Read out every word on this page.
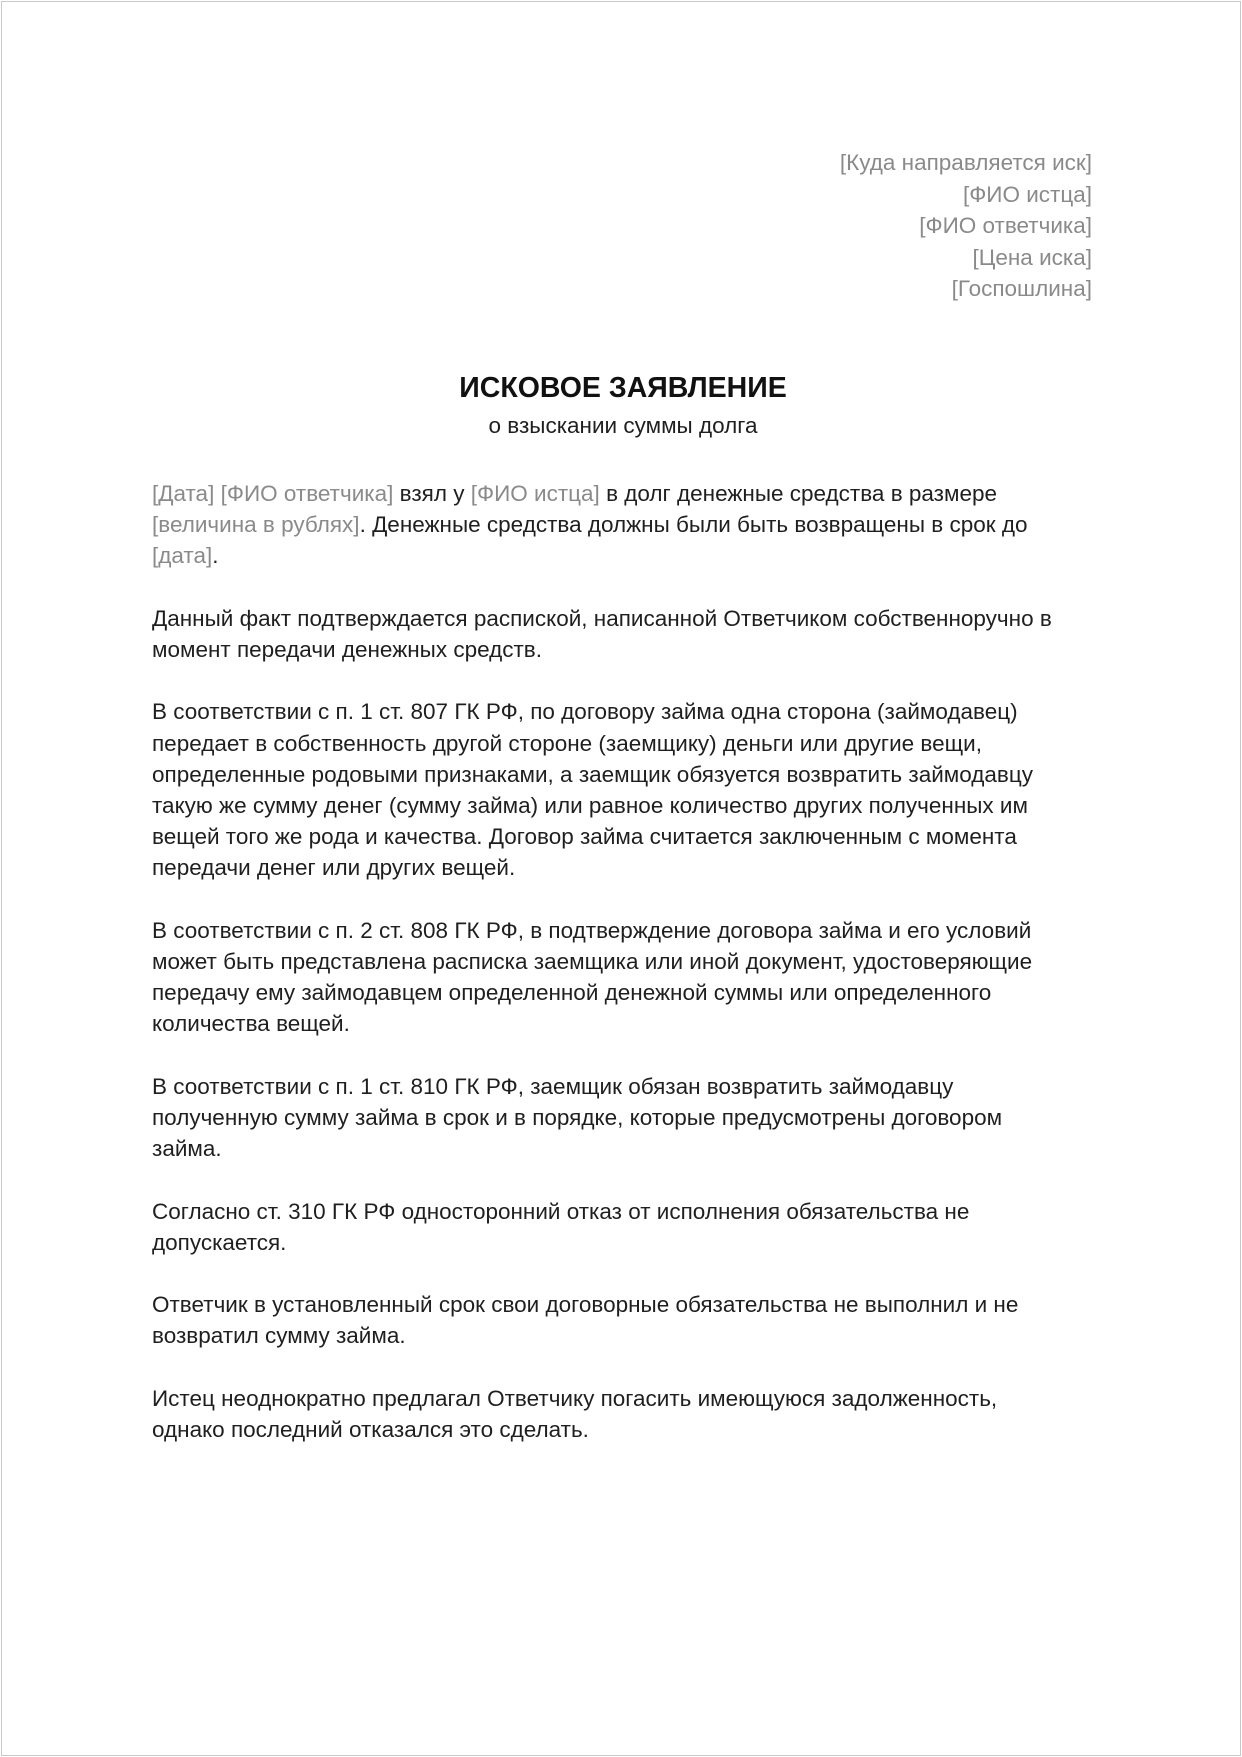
[Куда направляется иск]
[ФИО истца]
[ФИО ответчика]
[Цена иска]
[Госпошлина]
ИСКОВОЕ ЗАЯВЛЕНИЕ
о взыскании суммы долга
[Дата] [ФИО ответчика] взял у [ФИО истца] в долг денежные средства в размере
[величина в рублях]. Денежные средства должны были быть возвращены в срок до
[дата].
Данный факт подтверждается распиской, написанной Ответчиком собственноручно в
момент передачи денежных средств.
В соответствии с п. 1 ст. 807 ГК РФ, по договору займа одна сторона (займодавец)
передает в собственность другой стороне (заемщику) деньги или другие вещи,
определенные родовыми признаками, а заемщик обязуется возвратить займодавцу
такую же сумму денег (сумму займа) или равное количество других полученных им
вещей того же рода и качества. Договор займа считается заключенным с момента
передачи денег или других вещей.
В соответствии с п. 2 ст. 808 ГК РФ, в подтверждение договора займа и его условий
может быть представлена расписка заемщика или иной документ, удостоверяющие
передачу ему займодавцем определенной денежной суммы или определенного
количества вещей.
В соответствии с п. 1 ст. 810 ГК РФ, заемщик обязан возвратить займодавцу
полученную сумму займа в срок и в порядке, которые предусмотрены договором
займа.
Согласно ст. 310 ГК РФ односторонний отказ от исполнения обязательства не
допускается.
Ответчик в установленный срок свои договорные обязательства не выполнил и не
возвратил сумму займа.
Истец неоднократно предлагал Ответчику погасить имеющуюся задолженность,
однако последний отказался это сделать.
